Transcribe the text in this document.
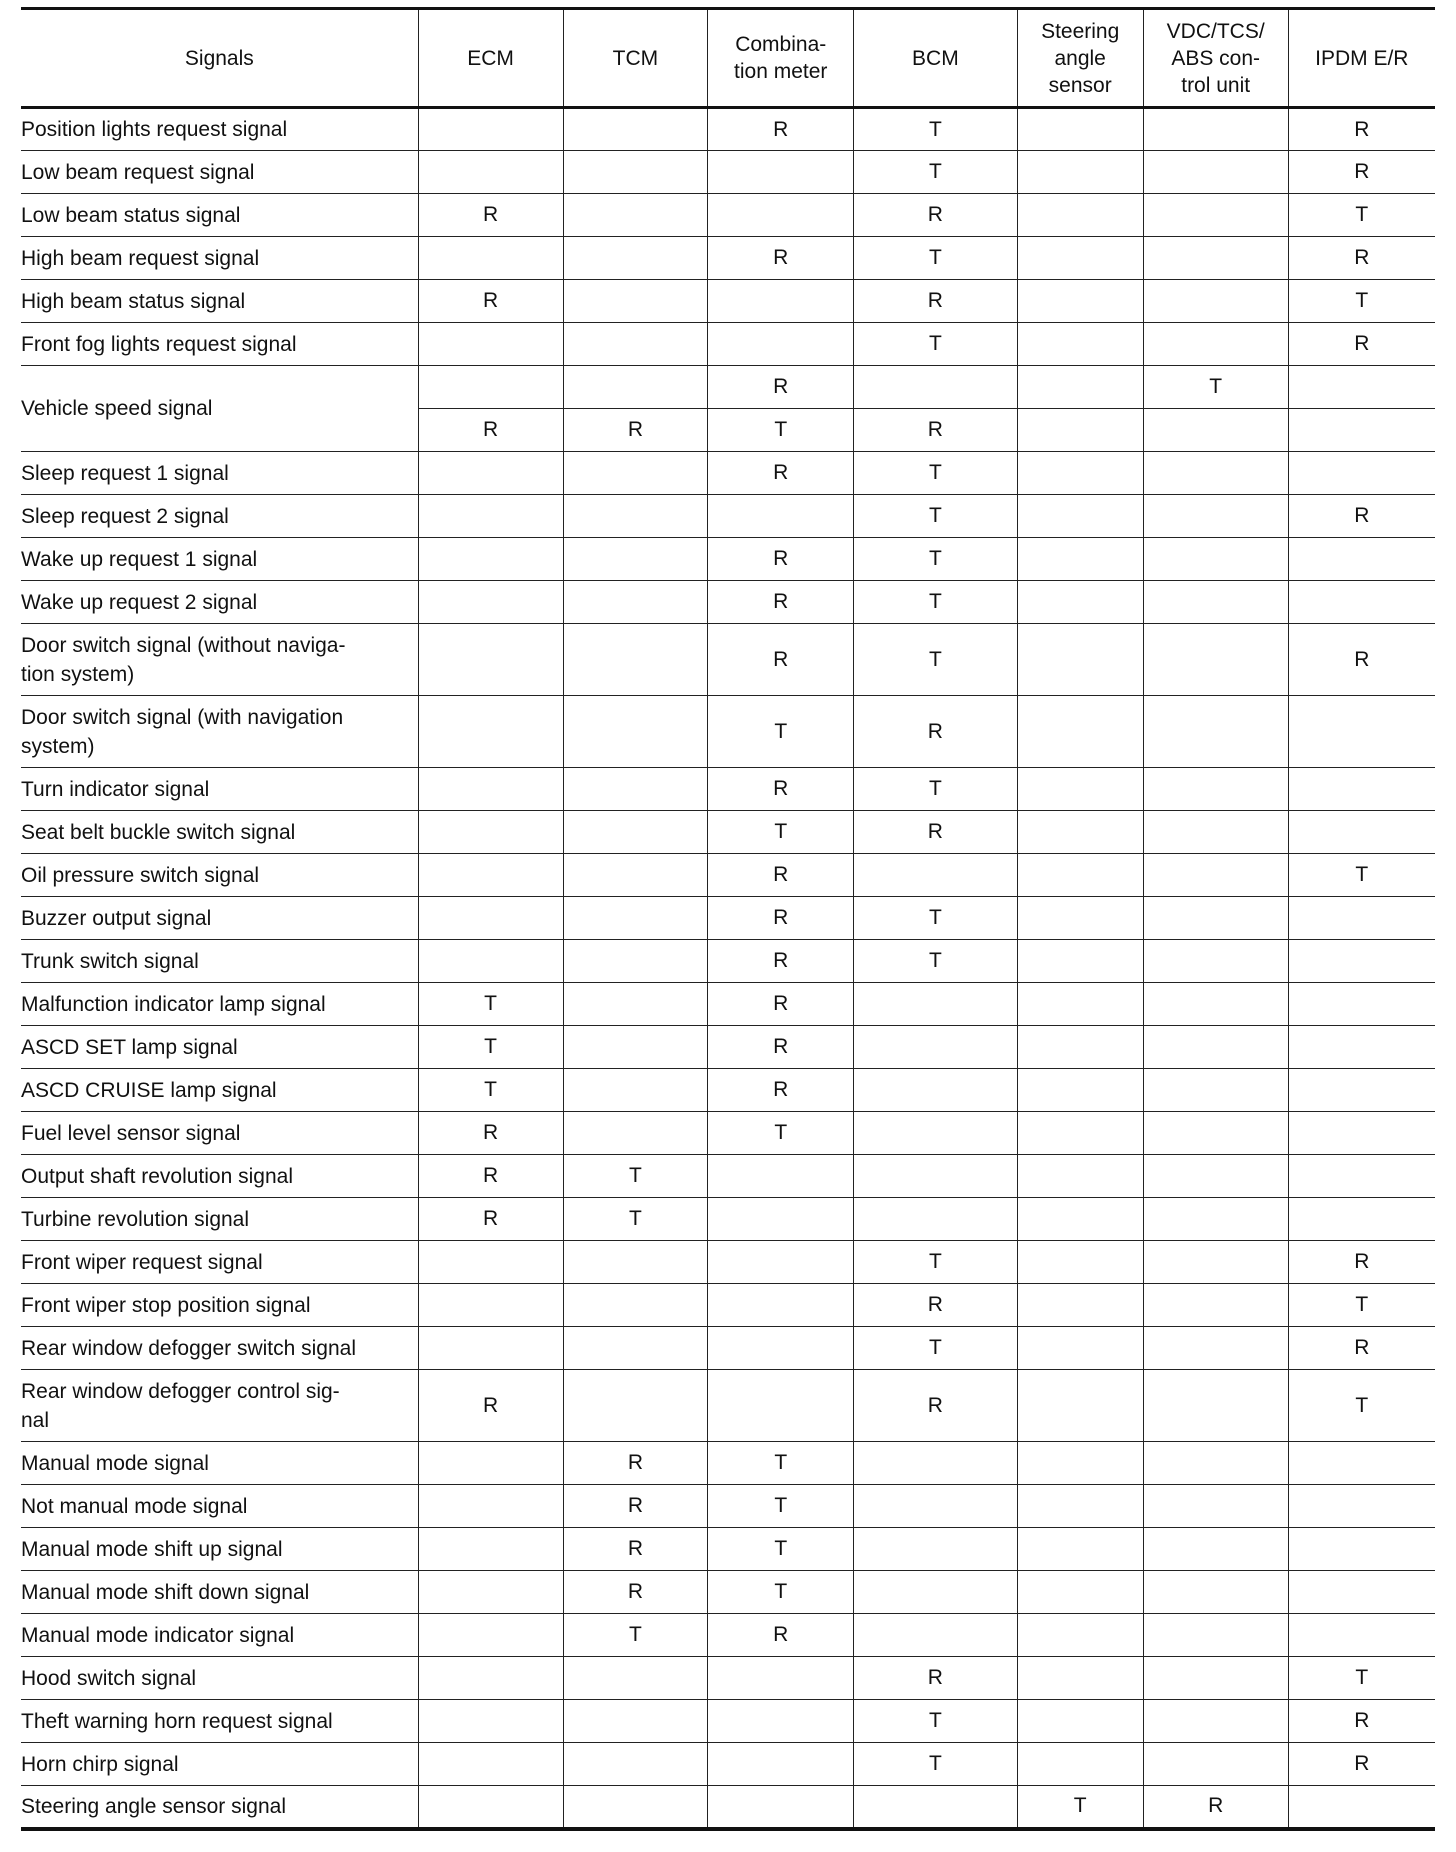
Signals	ECM	TCM	Combina-
tion meter	BCM	Steering
angle
sensor	VDC/TCS/
ABS con-
trol unit	IPDM E/R
Position lights request signal			R	T			R
Low beam request signal				T			R
Low beam status signal	R			R			T
High beam request signal			R	T			R
High beam status signal	R			R			T
Front fog lights request signal				T			R
Vehicle speed signal			R			T	
	R	R	T	R			
Sleep request 1 signal			R	T			
Sleep request 2 signal				T			R
Wake up request 1 signal			R	T			
Wake up request 2 signal			R	T			
Door switch signal (without naviga-
tion system)			R	T			R
Door switch signal (with navigation
system)			T	R			
Turn indicator signal			R	T			
Seat belt buckle switch signal			T	R			
Oil pressure switch signal			R				T
Buzzer output signal			R	T			
Trunk switch signal			R	T			
Malfunction indicator lamp signal	T		R				
ASCD SET lamp signal	T		R				
ASCD CRUISE lamp signal	T		R				
Fuel level sensor signal	R		T				
Output shaft revolution signal	R	T					
Turbine revolution signal	R	T					
Front wiper request signal				T			R
Front wiper stop position signal				R			T
Rear window defogger switch signal				T			R
Rear window defogger control sig-
nal	R			R			T
Manual mode signal		R	T				
Not manual mode signal		R	T				
Manual mode shift up signal		R	T				
Manual mode shift down signal		R	T				
Manual mode indicator signal		T	R				
Hood switch signal				R			T
Theft warning horn request signal				T			R
Horn chirp signal				T			R
Steering angle sensor signal					T	R	
